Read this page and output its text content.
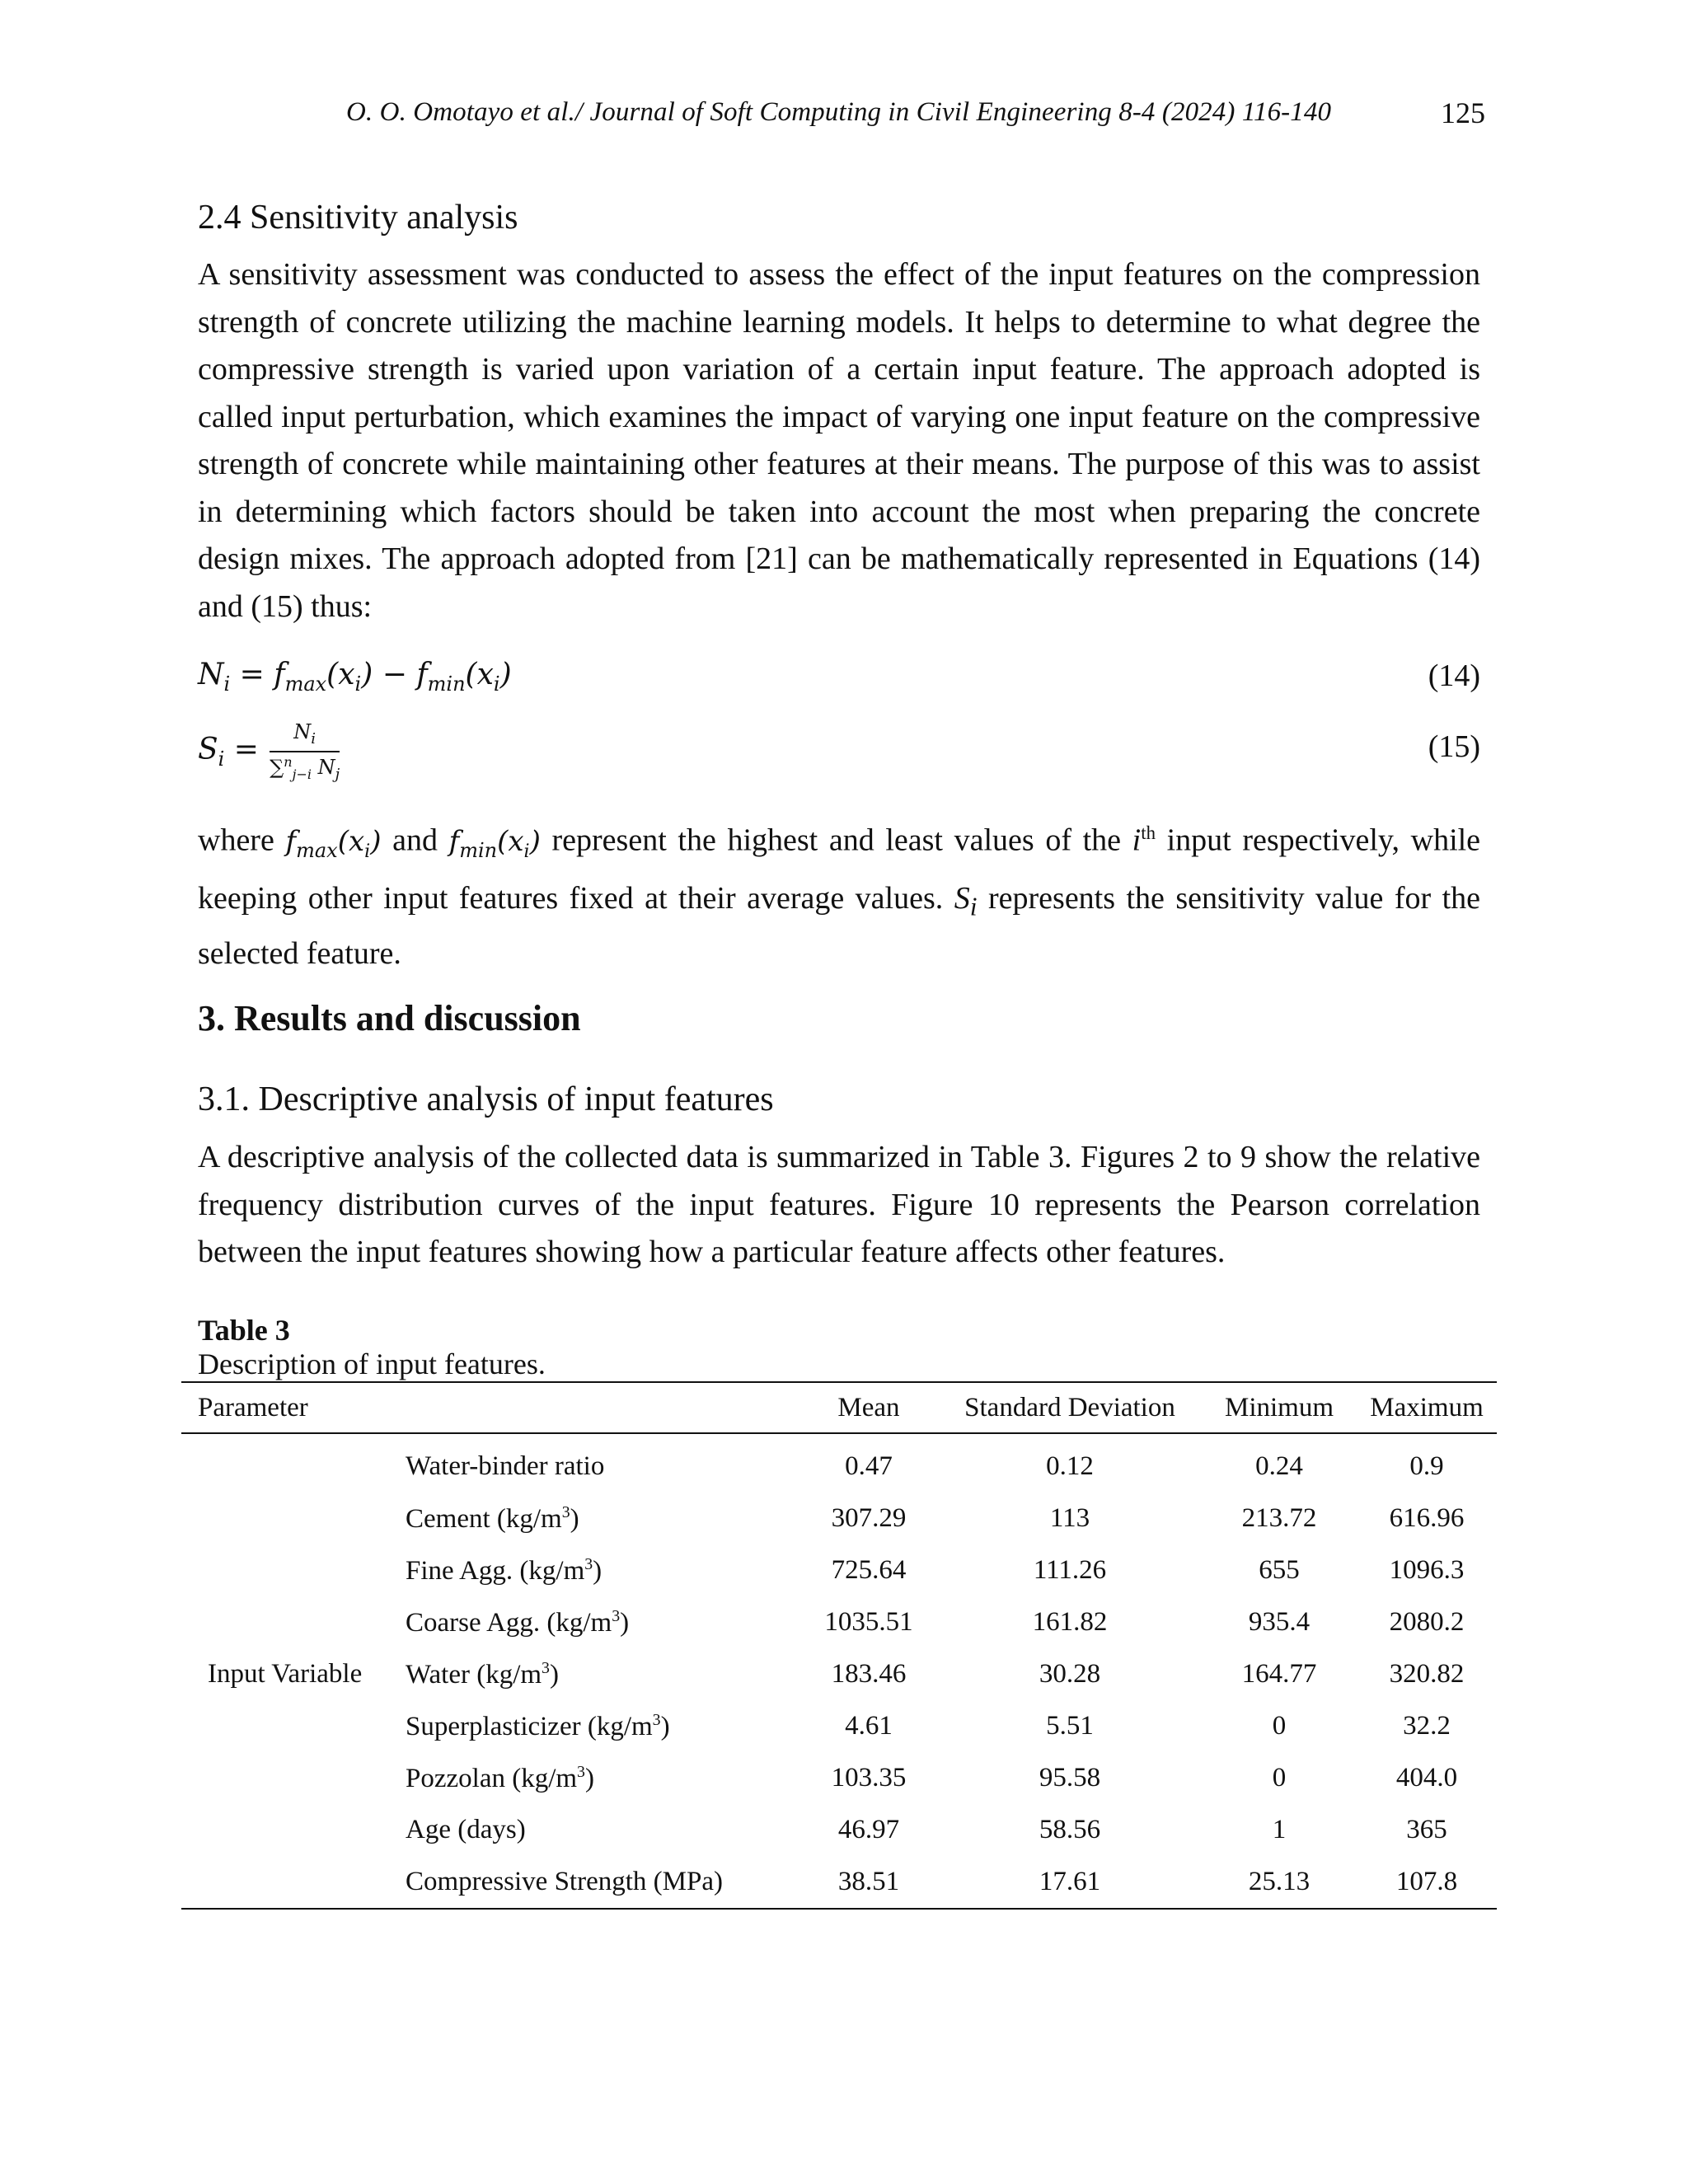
O. O. Omotayo et al./ Journal of Soft Computing in Civil Engineering 8-4 (2024) 116-140	125
2.4 Sensitivity analysis

A sensitivity assessment was conducted to assess the effect of the input features on the compression strength of concrete utilizing the machine learning models. It helps to determine to what degree the compressive strength is varied upon variation of a certain input feature. The approach adopted is called input perturbation, which examines the impact of varying one input feature on the compressive strength of concrete while maintaining other features at their means. The purpose of this was to assist in determining which factors should be taken into account the most when preparing the concrete design mixes. The approach adopted from [21] can be mathematically represented in Equations (14) and (15) thus:

$N_i = f_{max}(x_i) - f_{min}(x_i)$	(14)
$S_i = \frac{N_i}{\sum^n_{j-i} N_j}$	(15)
where $f_{max}(x_i)$ and $f_{min}(x_i)$ represent the highest and least values of the $i^{th}$ input respectively, while keeping other input features fixed at their average values. $S_i$ represents the sensitivity value for the selected feature.
3. Results and discussion
3.1. Descriptive analysis of input features

A descriptive analysis of the collected data is summarized in Table 3. Figures 2 to 9 show the relative frequency distribution curves of the input features. Figure 10 represents the Pearson correlation between the input features showing how a particular feature affects other features.

Table 3
Description of input features.
Parameter		Mean	Standard Deviation	Minimum	Maximum

Input Variable	Water-binder ratio	0.47	0.12	0.24	0.9
	Cement $(kg/m^3)$	307.29	113	213.72	616.96
	Fine Agg. $(kg/m^3)$	725.64	111.26	655	1096.3
	Coarse Agg. $(kg/m^3)$	1035.51	161.82	935.4	2080.2
	Water $(kg/m^3)$	183.46	30.28	164.77	320.82
	Superplasticizer $(kg/m^3)$	4.61	5.51	0	32.2
	Pozzolan $(kg/m^3)$	103.35	95.58	0	404.0
	Age (days)	46.97	58.56	1	365
	Compressive Strength (MPa)	38.51	17.61	25.13	107.8
